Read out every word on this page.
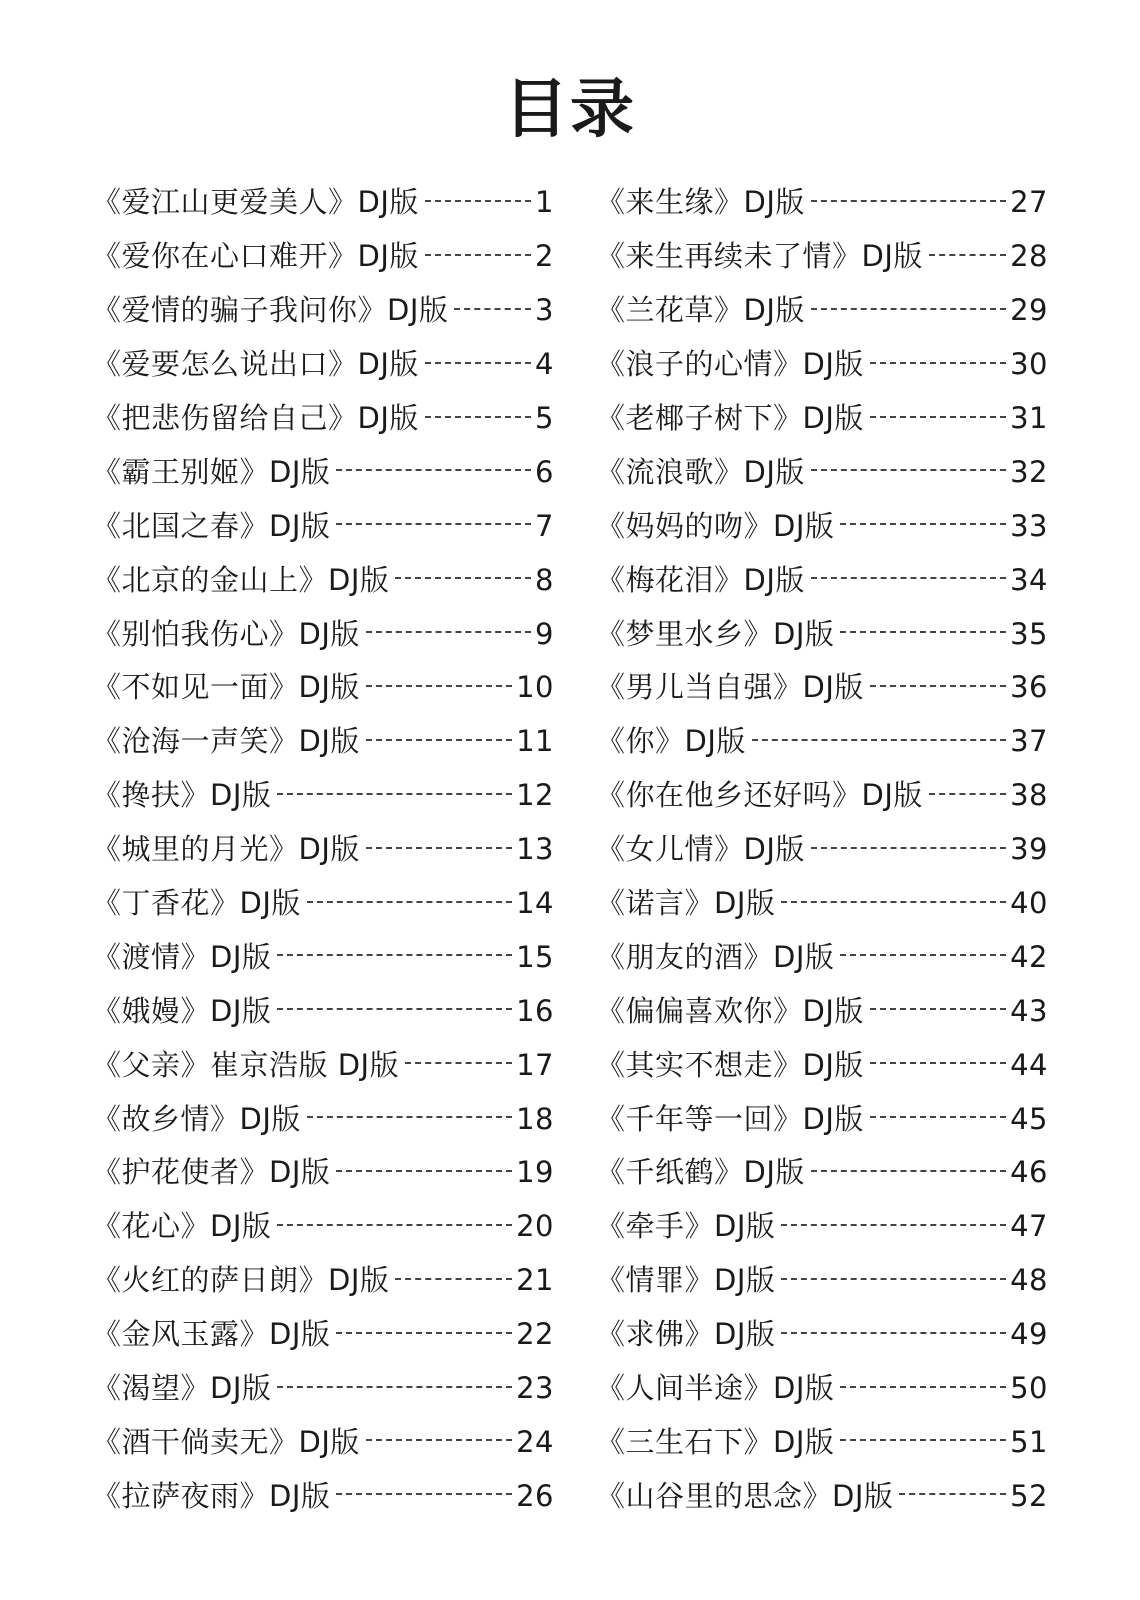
目录
《爱江山更爱美人》DJ版	1
《爱你在心口难开》DJ版	2
《爱情的骗子我问你》DJ版	3
《爱要怎么说出口》DJ版	4
《把悲伤留给自己》DJ版	5
《霸王别姬》DJ版	6
《北国之春》DJ版	7
《北京的金山上》DJ版	8
《别怕我伤心》DJ版	9
《不如见一面》DJ版	10
《沧海一声笑》DJ版	11
《搀扶》DJ版	12
《城里的月光》DJ版	13
《丁香花》DJ版	14
《渡情》DJ版	15
《娥嫚》DJ版	16
《父亲》崔京浩版 DJ版	17
《故乡情》DJ版	18
《护花使者》DJ版	19
《花心》DJ版	20
《火红的萨日朗》DJ版	21
《金风玉露》DJ版	22
《渴望》DJ版	23
《酒干倘卖无》DJ版	24
《拉萨夜雨》DJ版	26
《来生缘》DJ版	27
《来生再续未了情》DJ版	28
《兰花草》DJ版	29
《浪子的心情》DJ版	30
《老椰子树下》DJ版	31
《流浪歌》DJ版	32
《妈妈的吻》DJ版	33
《梅花泪》DJ版	34
《梦里水乡》DJ版	35
《男儿当自强》DJ版	36
《你》DJ版	37
《你在他乡还好吗》DJ版	38
《女儿情》DJ版	39
《诺言》DJ版	40
《朋友的酒》DJ版	42
《偏偏喜欢你》DJ版	43
《其实不想走》DJ版	44
《千年等一回》DJ版	45
《千纸鹤》DJ版	46
《牵手》DJ版	47
《情罪》DJ版	48
《求佛》DJ版	49
《人间半途》DJ版	50
《三生石下》DJ版	51
《山谷里的思念》DJ版	52
